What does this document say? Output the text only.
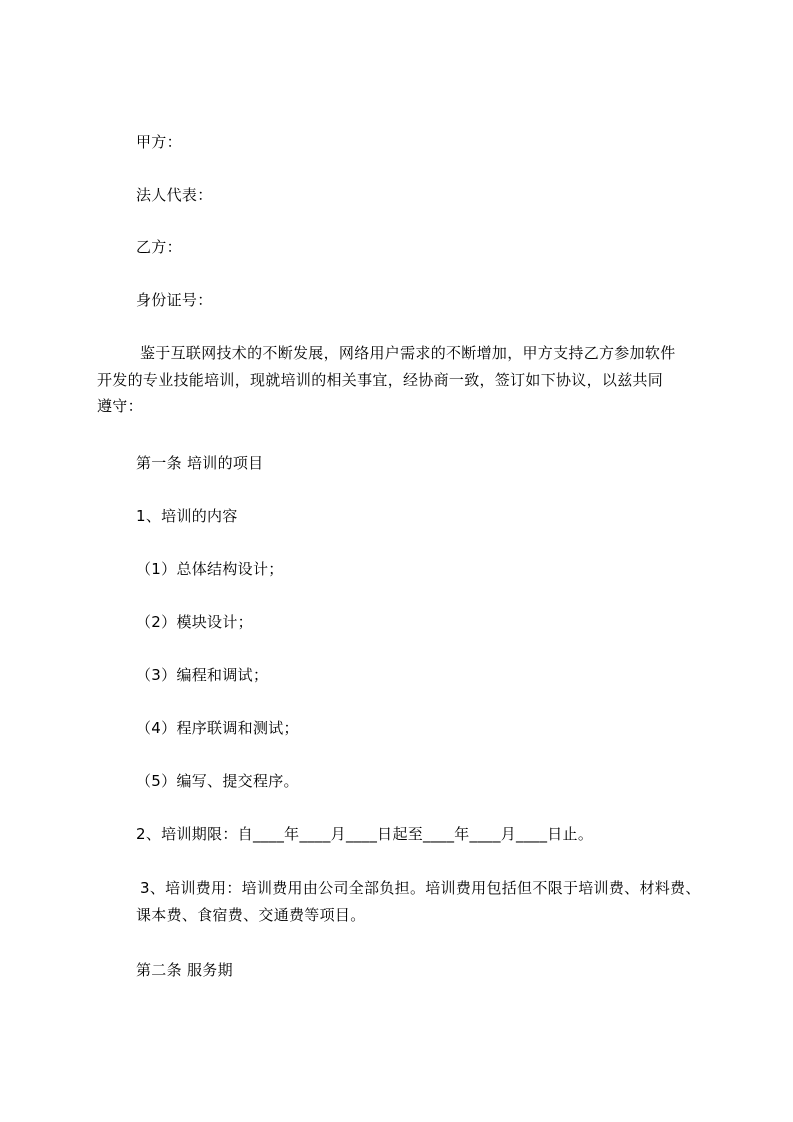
甲方：
法人代表：
乙方：
身份证号：
鉴于互联网技术的不断发展，网络用户需求的不断增加，甲方支持乙方参加软件
开发的专业技能培训，现就培训的相关事宜，经协商一致，签订如下协议，以兹共同
遵守：
第一条 培训的项目
1、培训的内容
（1）总体结构设计；
（2）模块设计；
（3）编程和调试；
（4）程序联调和测试；
（5）编写、提交程序。
2、培训期限：自____年____月____日起至____年____月____日止。
3、培训费用：培训费用由公司全部负担。培训费用包括但不限于培训费、材料费、
课本费、食宿费、交通费等项目。
第二条 服务期
